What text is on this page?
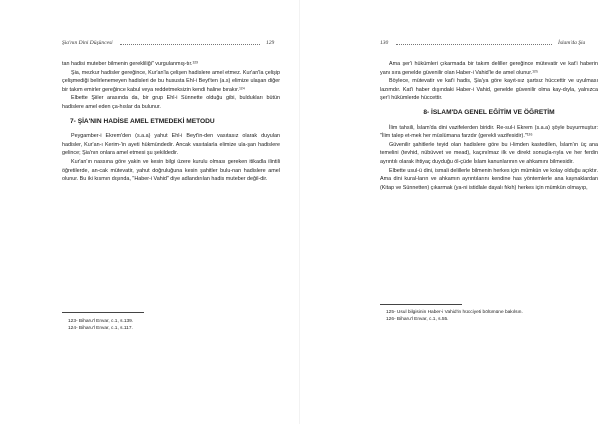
Şia'nın Dini Düşüncesi	129

tan hadisi muteber bilmenin gerekliliği" vurgulanmış-tır.¹²³

Şia, mezkur hadisler gereğince, Kur'an'la çelişen hadislere amel etmez. Kur'an'la çelişip çelişmediği belirlenemeyen hadisleri de bu hususta Ehl-i Beyt'ten (a.s) elimize ulaşan diğer bir takım emirler gereğince kabul veya reddetmeksizin kendi haline bırakır.¹²⁴

Elbette Şiiler arasında da, bir grup Ehl-i Sünnette olduğu gibi, buldukları bütün hadislere amel eden ça-hıslar da bulunur.

7- ŞİA'NIN HADİSE AMEL ETMEDEKİ METODU

Peygamber-i Ekrem'den (s.a.a) yahut Ehl-i Beyt'in-den vasıtasız olarak duyulan hadisler, Kur'an-ı Kerim-'in ayeti hükmündedir. Ancak vasıtalarla elimize ula-şan hadislere gelince; Şia'nın onlara amel etmesi şu şekildedir.

Kur'an'ın nassına göre yakin ve kesin bilgi üzere kurulu olması gereken itikadla ilintili öğretilerde, an-cak mütevatir, yahut doğruluğuna kesin şahitler bulu-nan hadislere amel olunur. Bu iki kısmın dışında, "Haber-i Vahid" diye adlandırılan hadis muteber değil-dir.

123- Biharu'l Envar, c.1, s.139.
124- Biharu'l Envar, c.1, s.117.
130	İslam'da Şia

Ama şer'i hükümleri çıkarmada bir takım deliller gereğince mütevatir ve kat'i haberin yanı sıra genelde güvenilir olan Haber-i Vahid'le de amel olunur.¹²⁵

Böylece, mütevatir ve kat'i hadis, Şia'ya göre kayıt-sız şartsız hüccettir ve uyulması lazımdır. Kat'i haber dışındaki Haber-i Vahid, genelde güvenilir olma kay-dıyla, yalnızca şer'i hükümlerde hüccettir.

8- İSLAM'DA GENEL EĞİTİM VE ÖĞRETİM

İlim tahsili, İslam'da dini vazifelerden biridir. Re-sul-i Ekrem (s.a.a) şöyle buyurmuştur: "İlim talep et-mek her müslümana farzdır (gerekli vazifesidir)."¹²⁶

Güvenilir şahitlerle teyid olan hadislere göre bu i-limden kastedilen, İslam'ın üç ana temelini (tevhid, nübüvvet ve mead), kaçınılmaz ilk ve direkt sonuçla-rıyla ve her ferdin ayrıntılı olarak ihtiyaç duyduğu öl-çüde İslam kanunlarının ve ahkamını bilmesidir.

Elbette usul-ü dini, ismali delillerle bilmenin herkes için mümkün ve kolay olduğu açıktır. Ama dini kural-ların ve ahkamın ayrıntılarını kendine has yöntemlerle ana kaynaklardan (Kitap ve Sünnetten) çıkarmak (ya-ni istidlale dayalı fıkıh) herkes için mümkün olmayıp,

125- Usul bilgisinin Haber-i Vahid'in hücciyeti bölümüne bakılsın.
126- Biharu'l Envar, c.1, s.55.
